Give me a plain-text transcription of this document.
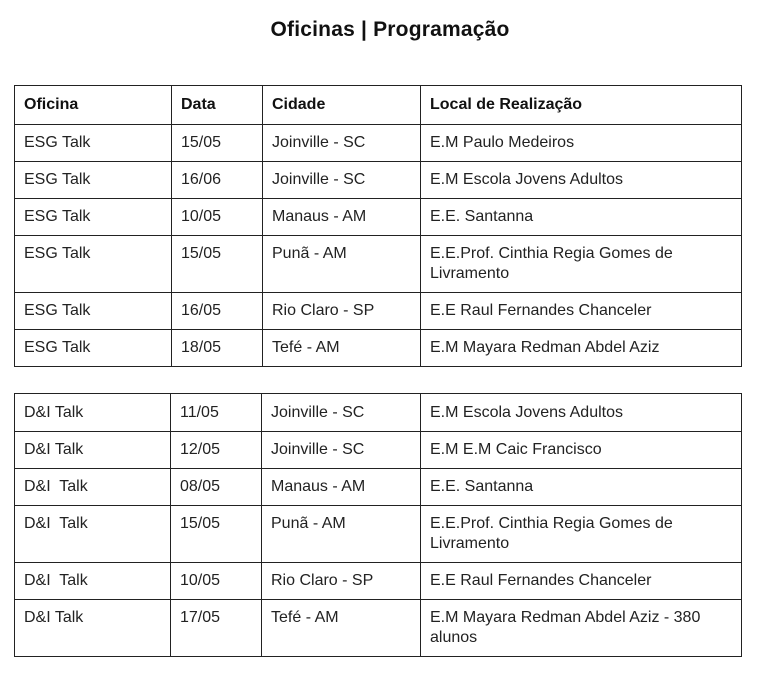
Oficinas | Programação
Oficina	Data	Cidade	Local de Realização
ESG Talk	15/05	Joinville - SC	E.M Paulo Medeiros
ESG Talk	16/06	Joinville - SC	E.M Escola Jovens Adultos
ESG Talk	10/05	Manaus - AM	E.E. Santanna
ESG Talk	15/05	Punã - AM	E.E.Prof. Cinthia Regia Gomes de Livramento
ESG Talk	16/05	Rio Claro - SP	E.E Raul Fernandes Chanceler
ESG Talk	18/05	Tefé - AM	E.M Mayara Redman Abdel Aziz
D&I Talk	11/05	Joinville - SC	E.M Escola Jovens Adultos
D&I Talk	12/05	Joinville - SC	E.M E.M Caic Francisco
D&I  Talk	08/05	Manaus - AM	E.E. Santanna
D&I  Talk	15/05	Punã - AM	E.E.Prof. Cinthia Regia Gomes de Livramento
D&I  Talk	10/05	Rio Claro - SP	E.E Raul Fernandes Chanceler
D&I Talk	17/05	Tefé - AM	E.M Mayara Redman Abdel Aziz - 380 alunos
